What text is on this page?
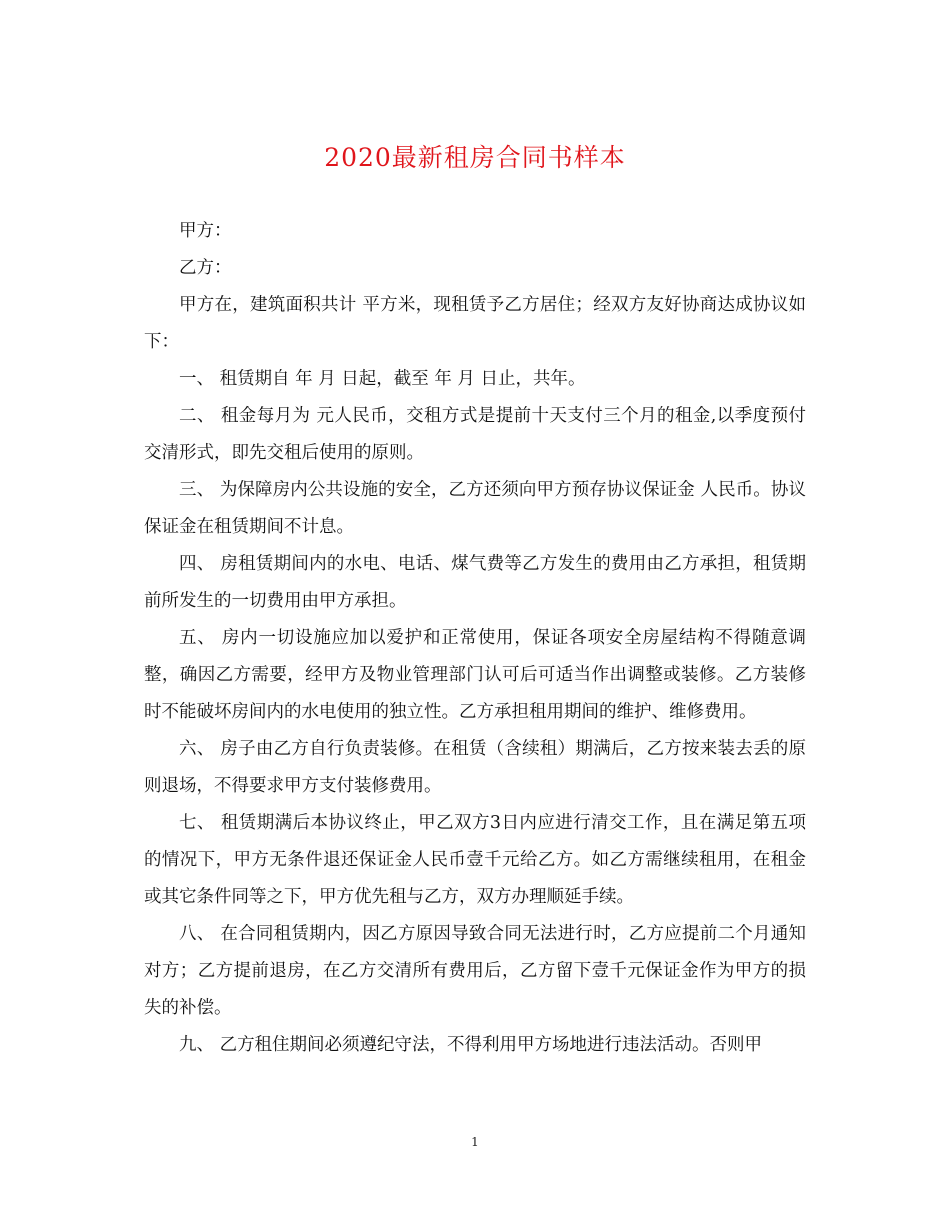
2020最新租房合同书样本

甲方：

乙方：

甲方在，建筑面积共计 平方米，现租赁予乙方居住；经双方友好协商达成协议如下：

一、 租赁期自 年 月 日起，截至 年 月 日止，共年。

二、 租金每月为 元人民币，交租方式是提前十天支付三个月的租金,以季度预付交清形式，即先交租后使用的原则。

三、 为保障房内公共设施的安全，乙方还须向甲方预存协议保证金 人民币。协议保证金在租赁期间不计息。

四、 房租赁期间内的水电、电话、煤气费等乙方发生的费用由乙方承担，租赁期前所发生的一切费用由甲方承担。

五、 房内一切设施应加以爱护和正常使用，保证各项安全房屋结构不得随意调整，确因乙方需要，经甲方及物业管理部门认可后可适当作出调整或装修。乙方装修时不能破坏房间内的水电使用的独立性。乙方承担租用期间的维护、维修费用。

六、 房子由乙方自行负责装修。在租赁（含续租）期满后，乙方按来装去丢的原则退场，不得要求甲方支付装修费用。

七、 租赁期满后本协议终止，甲乙双方3日内应进行清交工作，且在满足第五项的情况下，甲方无条件退还保证金人民币壹千元给乙方。如乙方需继续租用，在租金或其它条件同等之下，甲方优先租与乙方，双方办理顺延手续。

八、 在合同租赁期内，因乙方原因导致合同无法进行时，乙方应提前二个月通知对方；乙方提前退房，在乙方交清所有费用后，乙方留下壹千元保证金作为甲方的损失的补偿。

九、 乙方租住期间必须遵纪守法，不得利用甲方场地进行违法活动。否则甲

1
